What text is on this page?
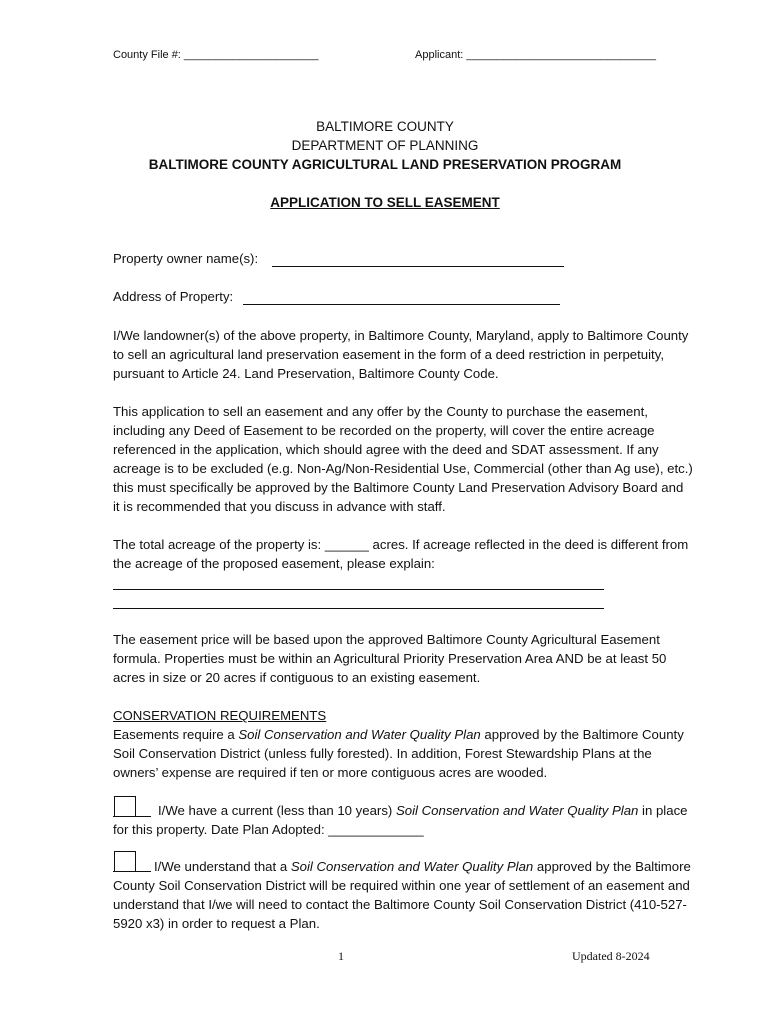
County File #: ______________________	Applicant: _______________________________
BALTIMORE COUNTY
DEPARTMENT OF PLANNING
BALTIMORE COUNTY AGRICULTURAL LAND PRESERVATION PROGRAM
APPLICATION TO SELL EASEMENT
Property owner name(s):
Address of Property:
I/We landowner(s) of the above property, in Baltimore County, Maryland, apply to Baltimore County to sell an agricultural land preservation easement in the form of a deed restriction in perpetuity, pursuant to Article 24. Land Preservation, Baltimore County Code.
This application to sell an easement and any offer by the County to purchase the easement, including any Deed of Easement to be recorded on the property, will cover the entire acreage referenced in the application, which should agree with the deed and SDAT assessment. If any acreage is to be excluded (e.g. Non-Ag/Non-Residential Use, Commercial (other than Ag use), etc.) this must specifically be approved by the Baltimore County Land Preservation Advisory Board and it is recommended that you discuss in advance with staff.
The total acreage of the property is: ______ acres. If acreage reflected in the deed is different from the acreage of the proposed easement, please explain:
The easement price will be based upon the approved Baltimore County Agricultural Easement formula. Properties must be within an Agricultural Priority Preservation Area AND be at least 50 acres in size or 20 acres if contiguous to an existing easement.
CONSERVATION REQUIREMENTS
Easements require a Soil Conservation and Water Quality Plan approved by the Baltimore County Soil Conservation District (unless fully forested). In addition, Forest Stewardship Plans at the owners’ expense are required if ten or more contiguous acres are wooded.
I/We have a current (less than 10 years) Soil Conservation and Water Quality Plan in place for this property. Date Plan Adopted: _____________
I/We understand that a Soil Conservation and Water Quality Plan approved by the Baltimore County Soil Conservation District will be required within one year of settlement of an easement and understand that I/we will need to contact the Baltimore County Soil Conservation District (410-527-5920 x3) in order to request a Plan.
1	Updated 8-2024
